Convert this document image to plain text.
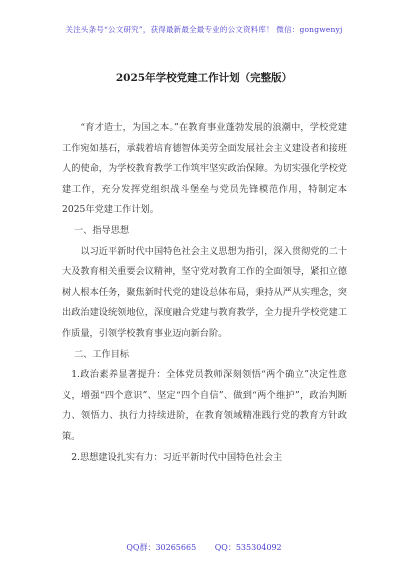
关注头条号“公文研究”，获得最新最全最专业的公文资料库！ 微信：gongwenyj
2025年学校党建工作计划（完整版）

“育才造士，为国之本。”在教育事业蓬勃发展的浪潮中，学校党建工作宛如基石，承载着培育德智体美劳全面发展社会主义建设者和接班人的使命，为学校教育教学工作筑牢坚实政治保障。为切实强化学校党建工作，充分发挥党组织战斗堡垒与党员先锋模范作用，特制定本2025年党建工作计划。

一、指导思想

以习近平新时代中国特色社会主义思想为指引，深入贯彻党的二十大及教育相关重要会议精神，坚守党对教育工作的全面领导，紧扣立德树人根本任务，聚焦新时代党的建设总体布局，秉持从严从实理念，突出政治建设统领地位，深度融合党建与教育教学，全力提升学校党建工作质量，引领学校教育事业迈向新台阶。

二、工作目标

1.政治素养显著提升：全体党员教师深刻领悟“两个确立”决定性意义，增强“四个意识”、坚定“四个自信”、做到“两个维护”，政治判断力、领悟力、执行力持续进阶，在教育领域精准践行党的教育方针政策。

2.思想建设扎实有力：习近平新时代中国特色社会主

QQ群：30265665 QQ：535304092
